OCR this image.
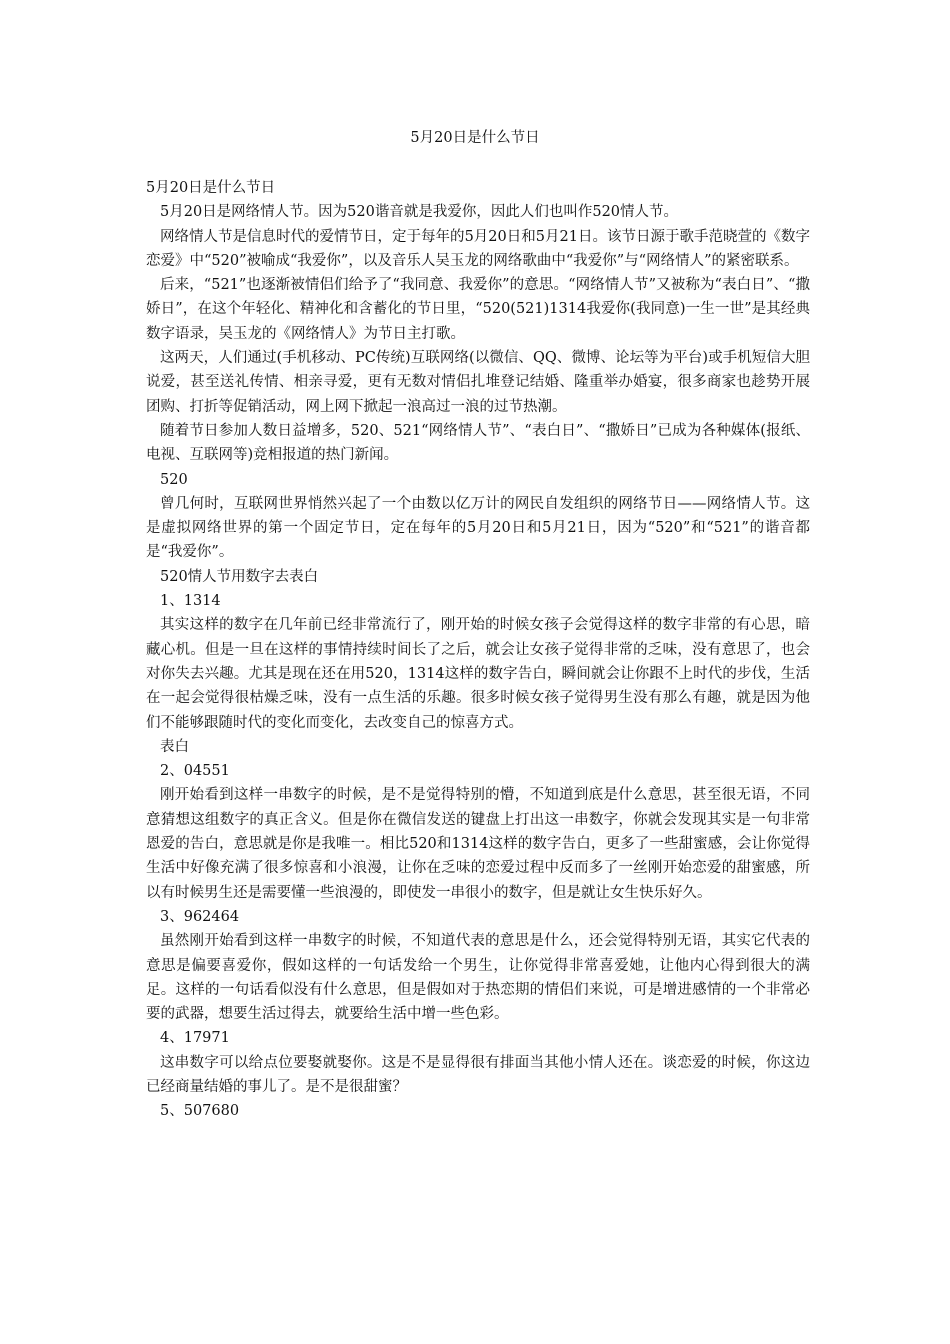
5月20日是什么节日

5月20日是什么节日

5月20日是网络情人节。因为520谐音就是我爱你，因此人们也叫作520情人节。

网络情人节是信息时代的爱情节日，定于每年的5月20日和5月21日。该节日源于歌手范晓萱的《数字恋爱》中“520”被喻成“我爱你”，以及音乐人吴玉龙的网络歌曲中“我爱你”与“网络情人”的紧密联系。

后来，“521”也逐渐被情侣们给予了“我同意、我爱你”的意思。“网络情人节”又被称为“表白日”、“撒娇日”，在这个年轻化、精神化和含蓄化的节日里，“520(521)1314我爱你(我同意)一生一世”是其经典数字语录，吴玉龙的《网络情人》为节日主打歌。

这两天，人们通过(手机移动、PC传统)互联网络(以微信、QQ、微博、论坛等为平台)或手机短信大胆说爱，甚至送礼传情、相亲寻爱，更有无数对情侣扎堆登记结婚、隆重举办婚宴，很多商家也趁势开展团购、打折等促销活动，网上网下掀起一浪高过一浪的过节热潮。

随着节日参加人数日益增多，520、521“网络情人节”、“表白日”、“撒娇日”已成为各种媒体(报纸、电视、互联网等)竞相报道的热门新闻。

520

曾几何时，互联网世界悄然兴起了一个由数以亿万计的网民自发组织的网络节日——网络情人节。这是虚拟网络世界的第一个固定节日，定在每年的5月20日和5月21日，因为“520”和“521”的谐音都是“我爱你”。

520情人节用数字去表白

1、1314

其实这样的数字在几年前已经非常流行了，刚开始的时候女孩子会觉得这样的数字非常的有心思，暗藏心机。但是一旦在这样的事情持续时间长了之后，就会让女孩子觉得非常的乏味，没有意思了，也会对你失去兴趣。尤其是现在还在用520，1314这样的数字告白，瞬间就会让你跟不上时代的步伐，生活在一起会觉得很枯燥乏味，没有一点生活的乐趣。很多时候女孩子觉得男生没有那么有趣，就是因为他们不能够跟随时代的变化而变化，去改变自己的惊喜方式。

表白

2、04551

刚开始看到这样一串数字的时候，是不是觉得特别的懵，不知道到底是什么意思，甚至很无语，不同意猜想这组数字的真正含义。但是你在微信发送的键盘上打出这一串数字，你就会发现其实是一句非常恩爱的告白，意思就是你是我唯一。相比520和1314这样的数字告白，更多了一些甜蜜感，会让你觉得生活中好像充满了很多惊喜和小浪漫，让你在乏味的恋爱过程中反而多了一丝刚开始恋爱的甜蜜感，所以有时候男生还是需要懂一些浪漫的，即使发一串很小的数字，但是就让女生快乐好久。

3、962464

虽然刚开始看到这样一串数字的时候，不知道代表的意思是什么，还会觉得特别无语，其实它代表的意思是偏要喜爱你，假如这样的一句话发给一个男生，让你觉得非常喜爱她，让他内心得到很大的满足。这样的一句话看似没有什么意思，但是假如对于热恋期的情侣们来说，可是增进感情的一个非常必要的武器，想要生活过得去，就要给生活中增一些色彩。

4、17971

这串数字可以给点位要娶就娶你。这是不是显得很有排面当其他小情人还在。谈恋爱的时候，你这边已经商量结婚的事儿了。是不是很甜蜜？

5、507680
